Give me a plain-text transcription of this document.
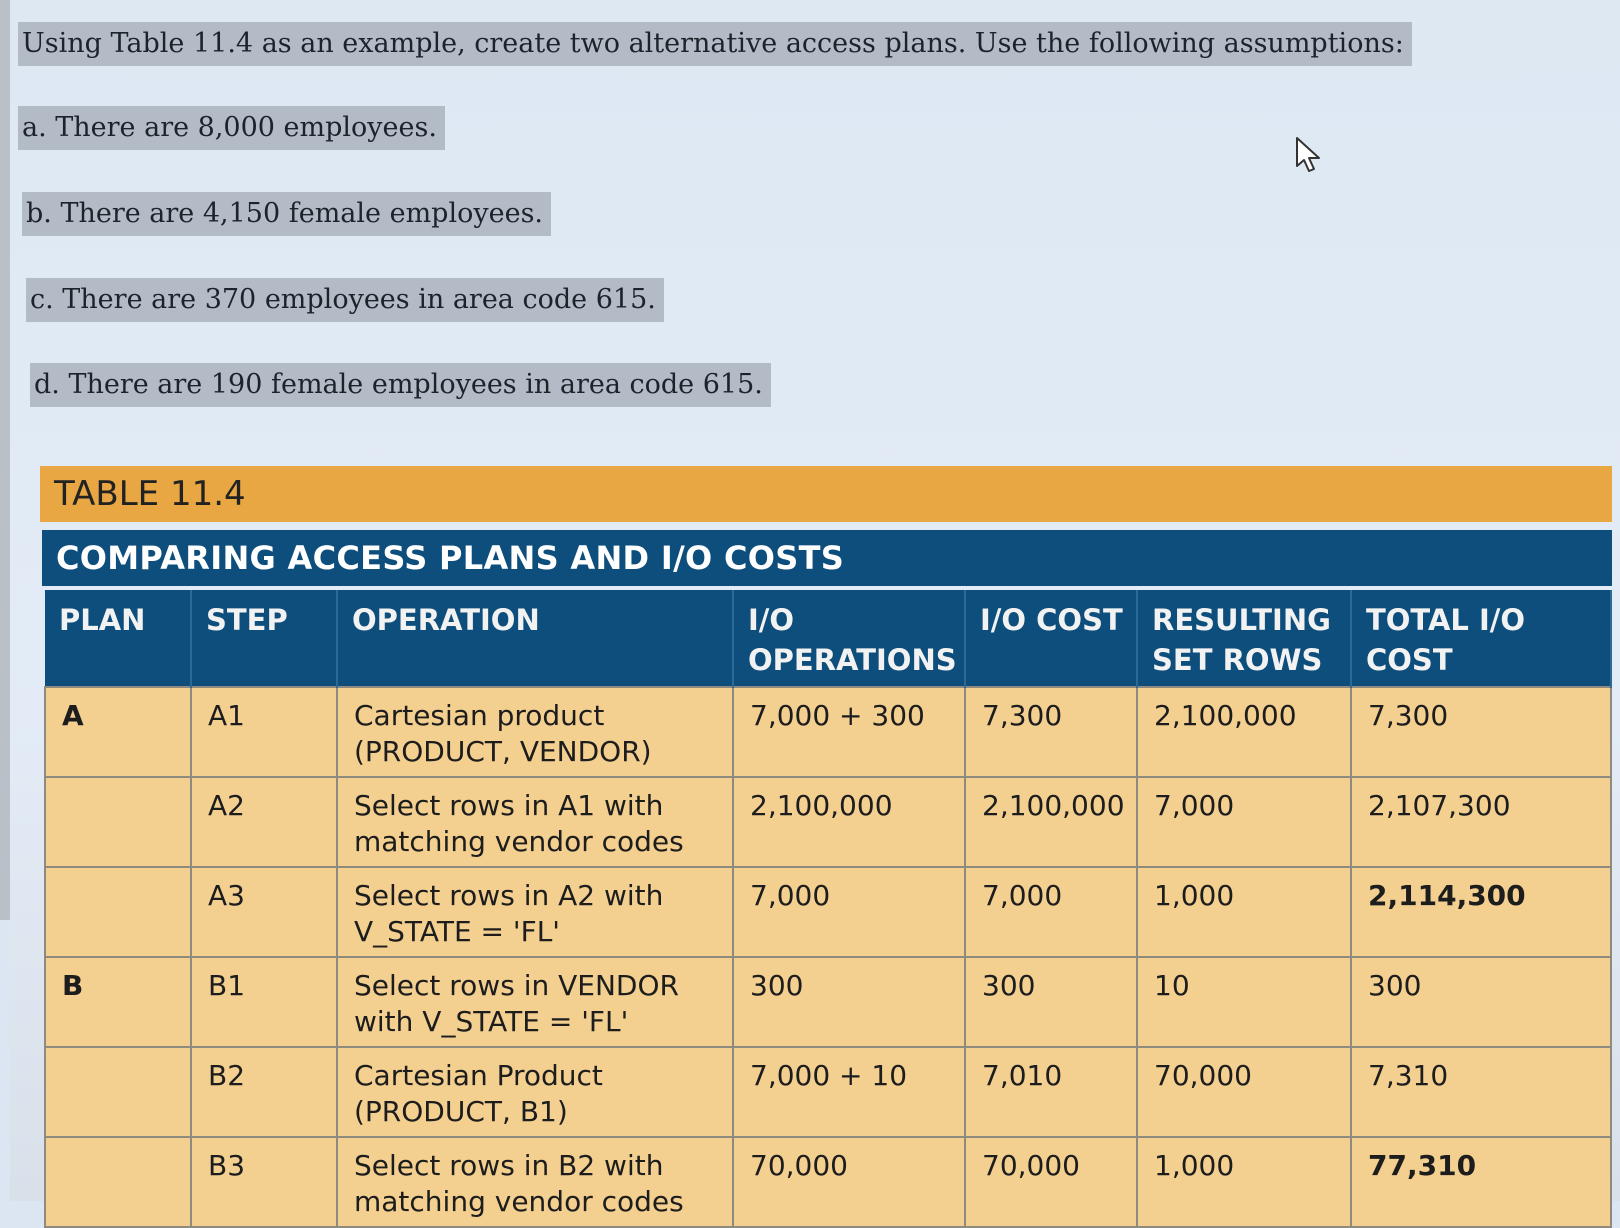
Using Table 11.4 as an example, create two alternative access plans. Use the following assumptions:
a. There are 8,000 employees.
b. There are 4,150 female employees.
c. There are 370 employees in area code 615.
d. There are 190 female employees in area code 615.
TABLE 11.4
COMPARING ACCESS PLANS AND I/O COSTS
PLAN	STEP	OPERATION	I/O OPERATIONS	I/O COST	RESULTING SET ROWS	TOTAL I/O COST
A	A1	Cartesian product (PRODUCT, VENDOR)	7,000 + 300	7,300	2,100,000	7,300
	A2	Select rows in A1 with matching vendor codes	2,100,000	2,100,000	7,000	2,107,300
	A3	Select rows in A2 with V_STATE = 'FL'	7,000	7,000	1,000	2,114,300
B	B1	Select rows in VENDOR with V_STATE = 'FL'	300	300	10	300
	B2	Cartesian Product (PRODUCT, B1)	7,000 + 10	7,010	70,000	7,310
	B3	Select rows in B2 with matching vendor codes	70,000	70,000	1,000	77,310
